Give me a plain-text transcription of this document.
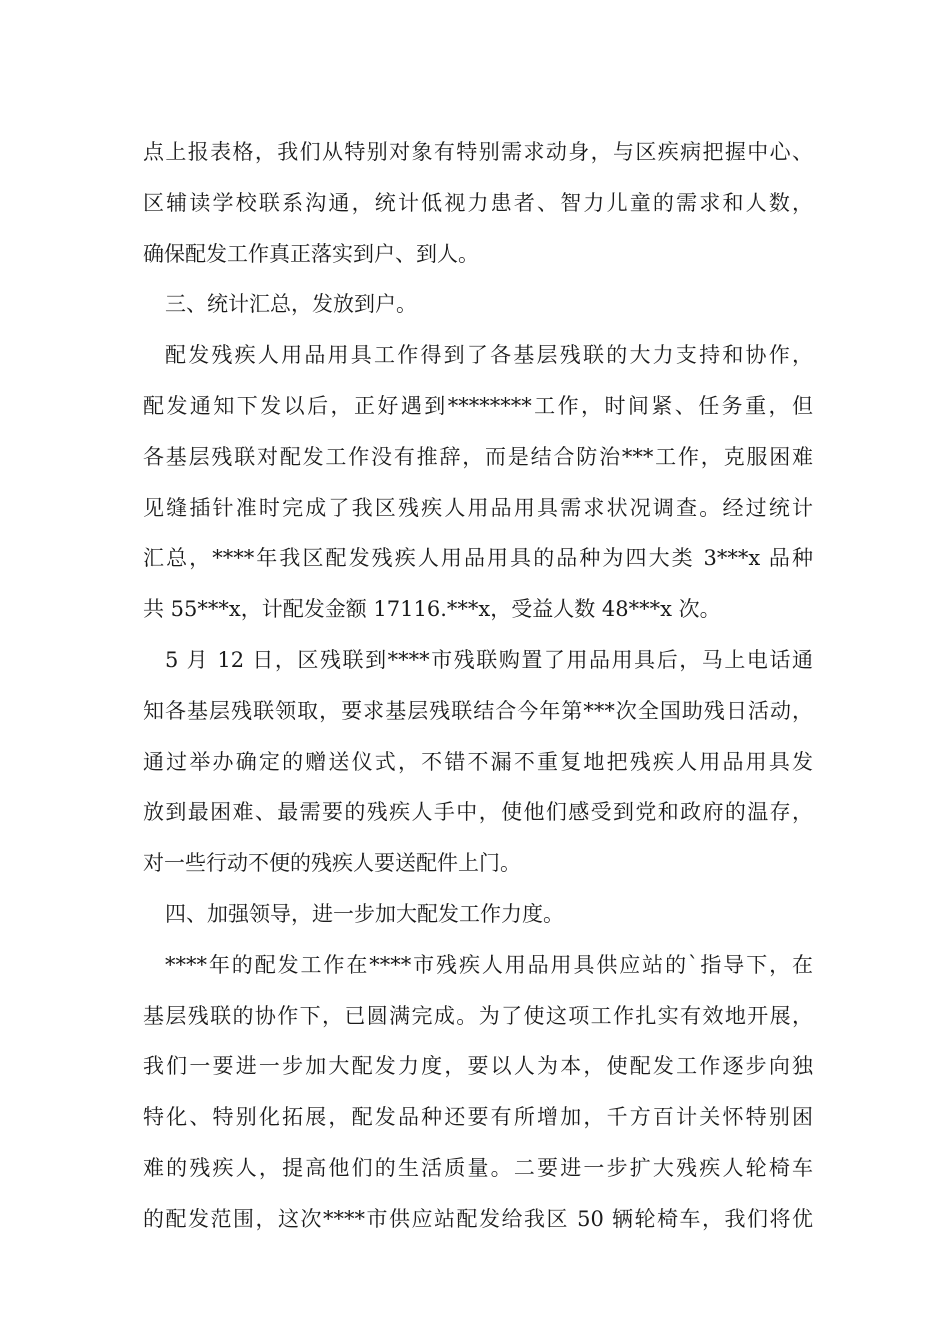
点上报表格，我们从特别对象有特别需求动身，与区疾病把握中心、
区辅读学校联系沟通，统计低视力患者、智力儿童的需求和人数，
确保配发工作真正落实到户、到人。
三、统计汇总，发放到户。
配发残疾人用品用具工作得到了各基层残联的大力支持和协作，
配发通知下发以后，正好遇到********工作，时间紧、任务重，但
各基层残联对配发工作没有推辞，而是结合防治***工作，克服困难
见缝插针准时完成了我区残疾人用品用具需求状况调查。经过统计
汇总，****年我区配发残疾人用品用具的品种为四大类 3***x 品种
共 55***x，计配发金额 17116.***x，受益人数 48***x 次。
5 月 12 日，区残联到****市残联购置了用品用具后，马上电话通
知各基层残联领取，要求基层残联结合今年第***次全国助残日活动，
通过举办确定的赠送仪式，不错不漏不重复地把残疾人用品用具发
放到最困难、最需要的残疾人手中，使他们感受到党和政府的温存，
对一些行动不便的残疾人要送配件上门。
四、加强领导，进一步加大配发工作力度。
****年的配发工作在****市残疾人用品用具供应站的`指导下，在
基层残联的协作下，已圆满完成。为了使这项工作扎实有效地开展，
我们一要进一步加大配发力度，要以人为本，使配发工作逐步向独
特化、特别化拓展，配发品种还要有所增加，千方百计关怀特别困
难的残疾人，提高他们的生活质量。二要进一步扩大残疾人轮椅车
的配发范围，这次****市供应站配发给我区 50 辆轮椅车，我们将优
